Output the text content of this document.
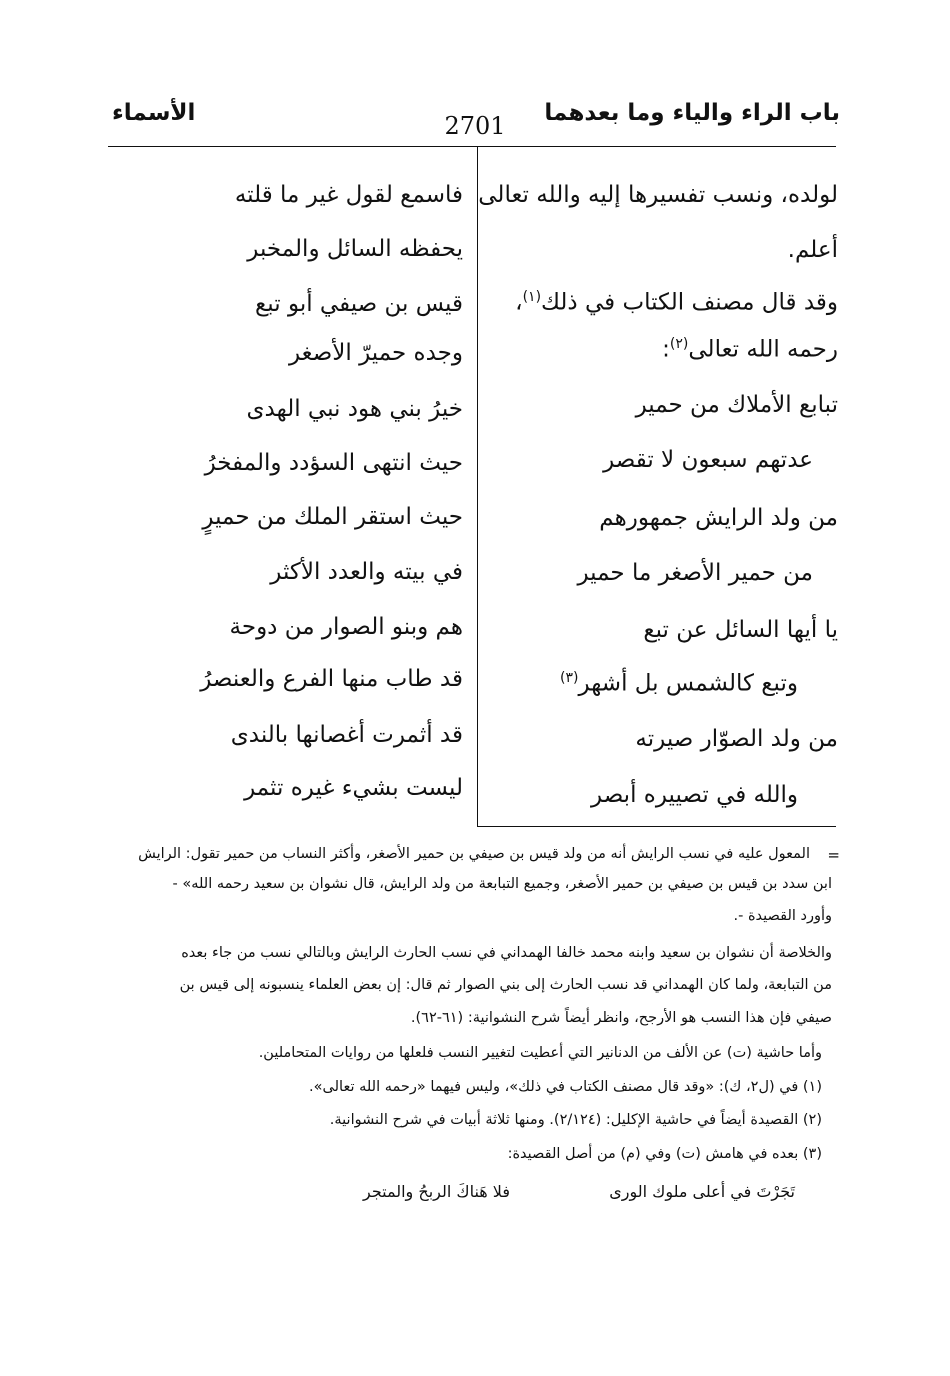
باب الراء والياء وما بعدهما
2701
الأسماء
لولده، ونسب تفسيرها إليه والله تعالى
أعلم.
وقد قال مصنف الكتاب في ذلك$^{(١)}$،
رحمه الله تعالى$^{(٢)}$:
تبابع الأملاك من حمير
عدتهم سبعون لا تقصر
من ولد الرايش جمهورهم
من حمير الأصغر ما حمير
يا أيها السائل عن تبع
وتبع كالشمس بل أشهر$^{(٣)}$
من ولد الصوّار صيرته
والله في تصييره أبصر
فاسمع لقول غير ما قلته
يحفظه السائل والمخبر
قيس بن صيفي أبو تبع
وجده حميرّ الأصغر
خيرُ بني هود نبي الهدى
حيث انتهى السؤدد والمفخرُ
حيث استقر الملك من حميرٍ
في بيته والعدد الأكثر
هم وبنو الصوار من دوحة
قد طاب منها الفرع والعنصرُ
قد أثمرت أغصانها بالندى
ليست بشيء غيره تثمر
=
المعول عليه في نسب الرايش أنه من ولد قيس بن صيفي بن حمير الأصغر، وأكثر النساب من حمير تقول: الرايش
ابن سدد بن قيس بن صيفي بن حمير الأصغر، وجميع التبابعة من ولد الرايش، قال نشوان بن سعيد رحمه الله» -
وأورد القصيدة -.
والخلاصة أن نشوان بن سعيد وابنه محمد خالفا الهمداني في نسب الحارث الرايش وبالتالي نسب من جاء بعده
من التبابعة، ولما كان الهمداني قد نسب الحارث إلى بني الصوار ثم قال: إن بعض العلماء ينسبونه إلى قيس بن
صيفي فإن هذا النسب هو الأرجح، وانظر أيضاً شرح النشوانية: (٦١-٦٢).
وأما حاشية (ت) عن الألف من الدنانير التي أعطيت لتغيير النسب فلعلها من روايات المتحاملين.
(١) في (ل٢، ك): «وقد قال مصنف الكتاب في ذلك»، وليس فيهما «رحمه الله تعالى».
(٢) القصيدة أيضاً في حاشية الإكليل: (٢/١٢٤). ومنها ثلاثة أبيات في شرح النشوانية.
(٣) بعده في هامش (ت) وفي (م) من أصل القصيدة:
تَجَرْتَ في أعلى ملوك الورى
فلا هَناكَ الربحُ والمتجر
